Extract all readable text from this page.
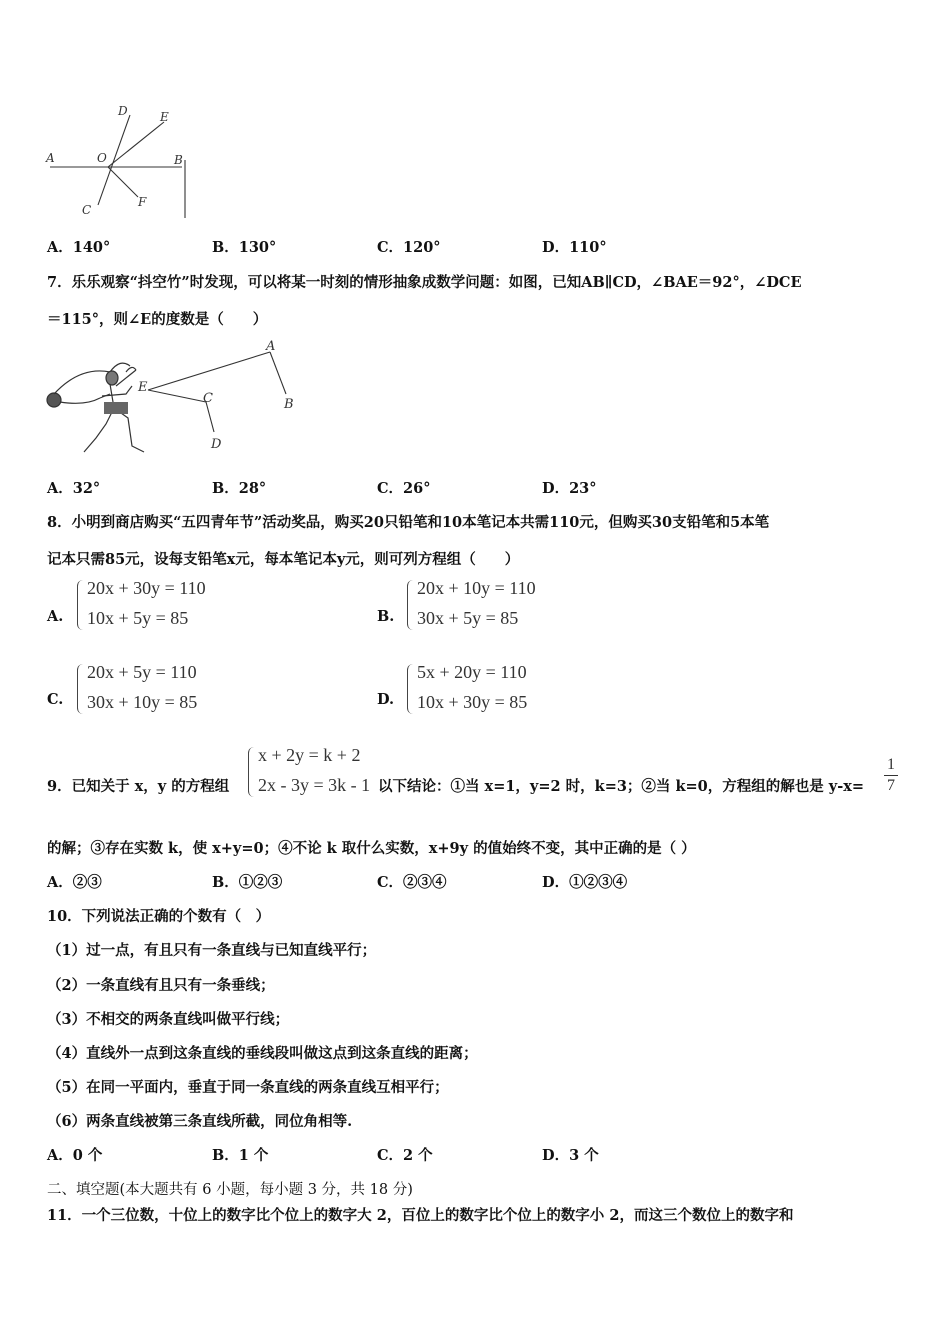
D	E
A	O	B
C
F
A．140°	B．130°	C．120°	D．110°
7．乐乐观察“抖空竹”时发现，可以将某一时刻的情形抽象成数学问题：如图，已知AB∥CD，∠BAE＝92°，∠DCE
＝115°，则∠E的度数是（　　）
A
E
C	B
D
A．32°	B．28°	C．26°	D．23°
8．小明到商店购买“五四青年节”活动奖品，购买20只铅笔和10本笔记本共需110元，但购买30支铅笔和5本笔
记本只需85元，设每支铅笔x元，每本笔记本y元，则可列方程组（　　）
A.
20x + 30y = 110
10x + 5y = 85	B.
20x + 10y = 110
30x + 5y = 85
C.
20x + 5y = 110
30x + 10y = 85	D.
5x + 20y = 110
10x + 30y = 85
9．已知关于 x，y 的方程组
x + 2y = k + 2
2x - 3y = 3k - 1 以下结论：①当 x=1，y=2 时，k=3；②当 k=0，方程组的解也是 y-x=
1
7
的解；③存在实数 k，使 x+y=0；④不论 k 取什么实数，x+9y 的值始终不变，其中正确的是（ ）
A．②③	B．①②③	C．②③④	D．①②③④
10．下列说法正确的个数有（　）
（1）过一点，有且只有一条直线与已知直线平行；
（2）一条直线有且只有一条垂线；
（3）不相交的两条直线叫做平行线；
（4）直线外一点到这条直线的垂线段叫做这点到这条直线的距离；
（5）在同一平面内，垂直于同一条直线的两条直线互相平行；
（6）两条直线被第三条直线所截，同位角相等.
A．0 个	B．1 个	C．2 个	D．3 个
二、填空题(本大题共有 6 小题，每小题 3 分，共 18 分)
11．一个三位数，十位上的数字比个位上的数字大 2，百位上的数字比个位上的数字小 2，而这三个数位上的数字和
